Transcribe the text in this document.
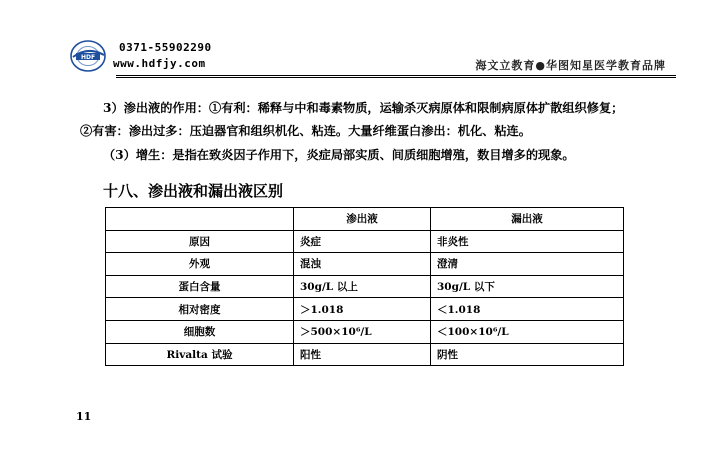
HDF
0371-55902290
www.hdfjy.com	海文立教育●华图知星医学教育品牌
3）渗出液的作用：①有利：稀释与中和毒素物质，运输杀灭病原体和限制病原体扩散组织修复；
②有害：渗出过多：压迫器官和组织机化、粘连。大量纤维蛋白渗出：机化、粘连。
（3）增生：是指在致炎因子作用下，炎症局部实质、间质细胞增殖，数目增多的现象。
十八、渗出液和漏出液区别
	渗出液	漏出液
原因	炎症	非炎性
外观	混浊	澄清
蛋白含量	30g/L 以上	30g/L 以下
相对密度	＞1.018	＜1.018
细胞数	＞500×10⁶/L	＜100×10⁶/L
Rivalta 试验	阳性	阴性
11
